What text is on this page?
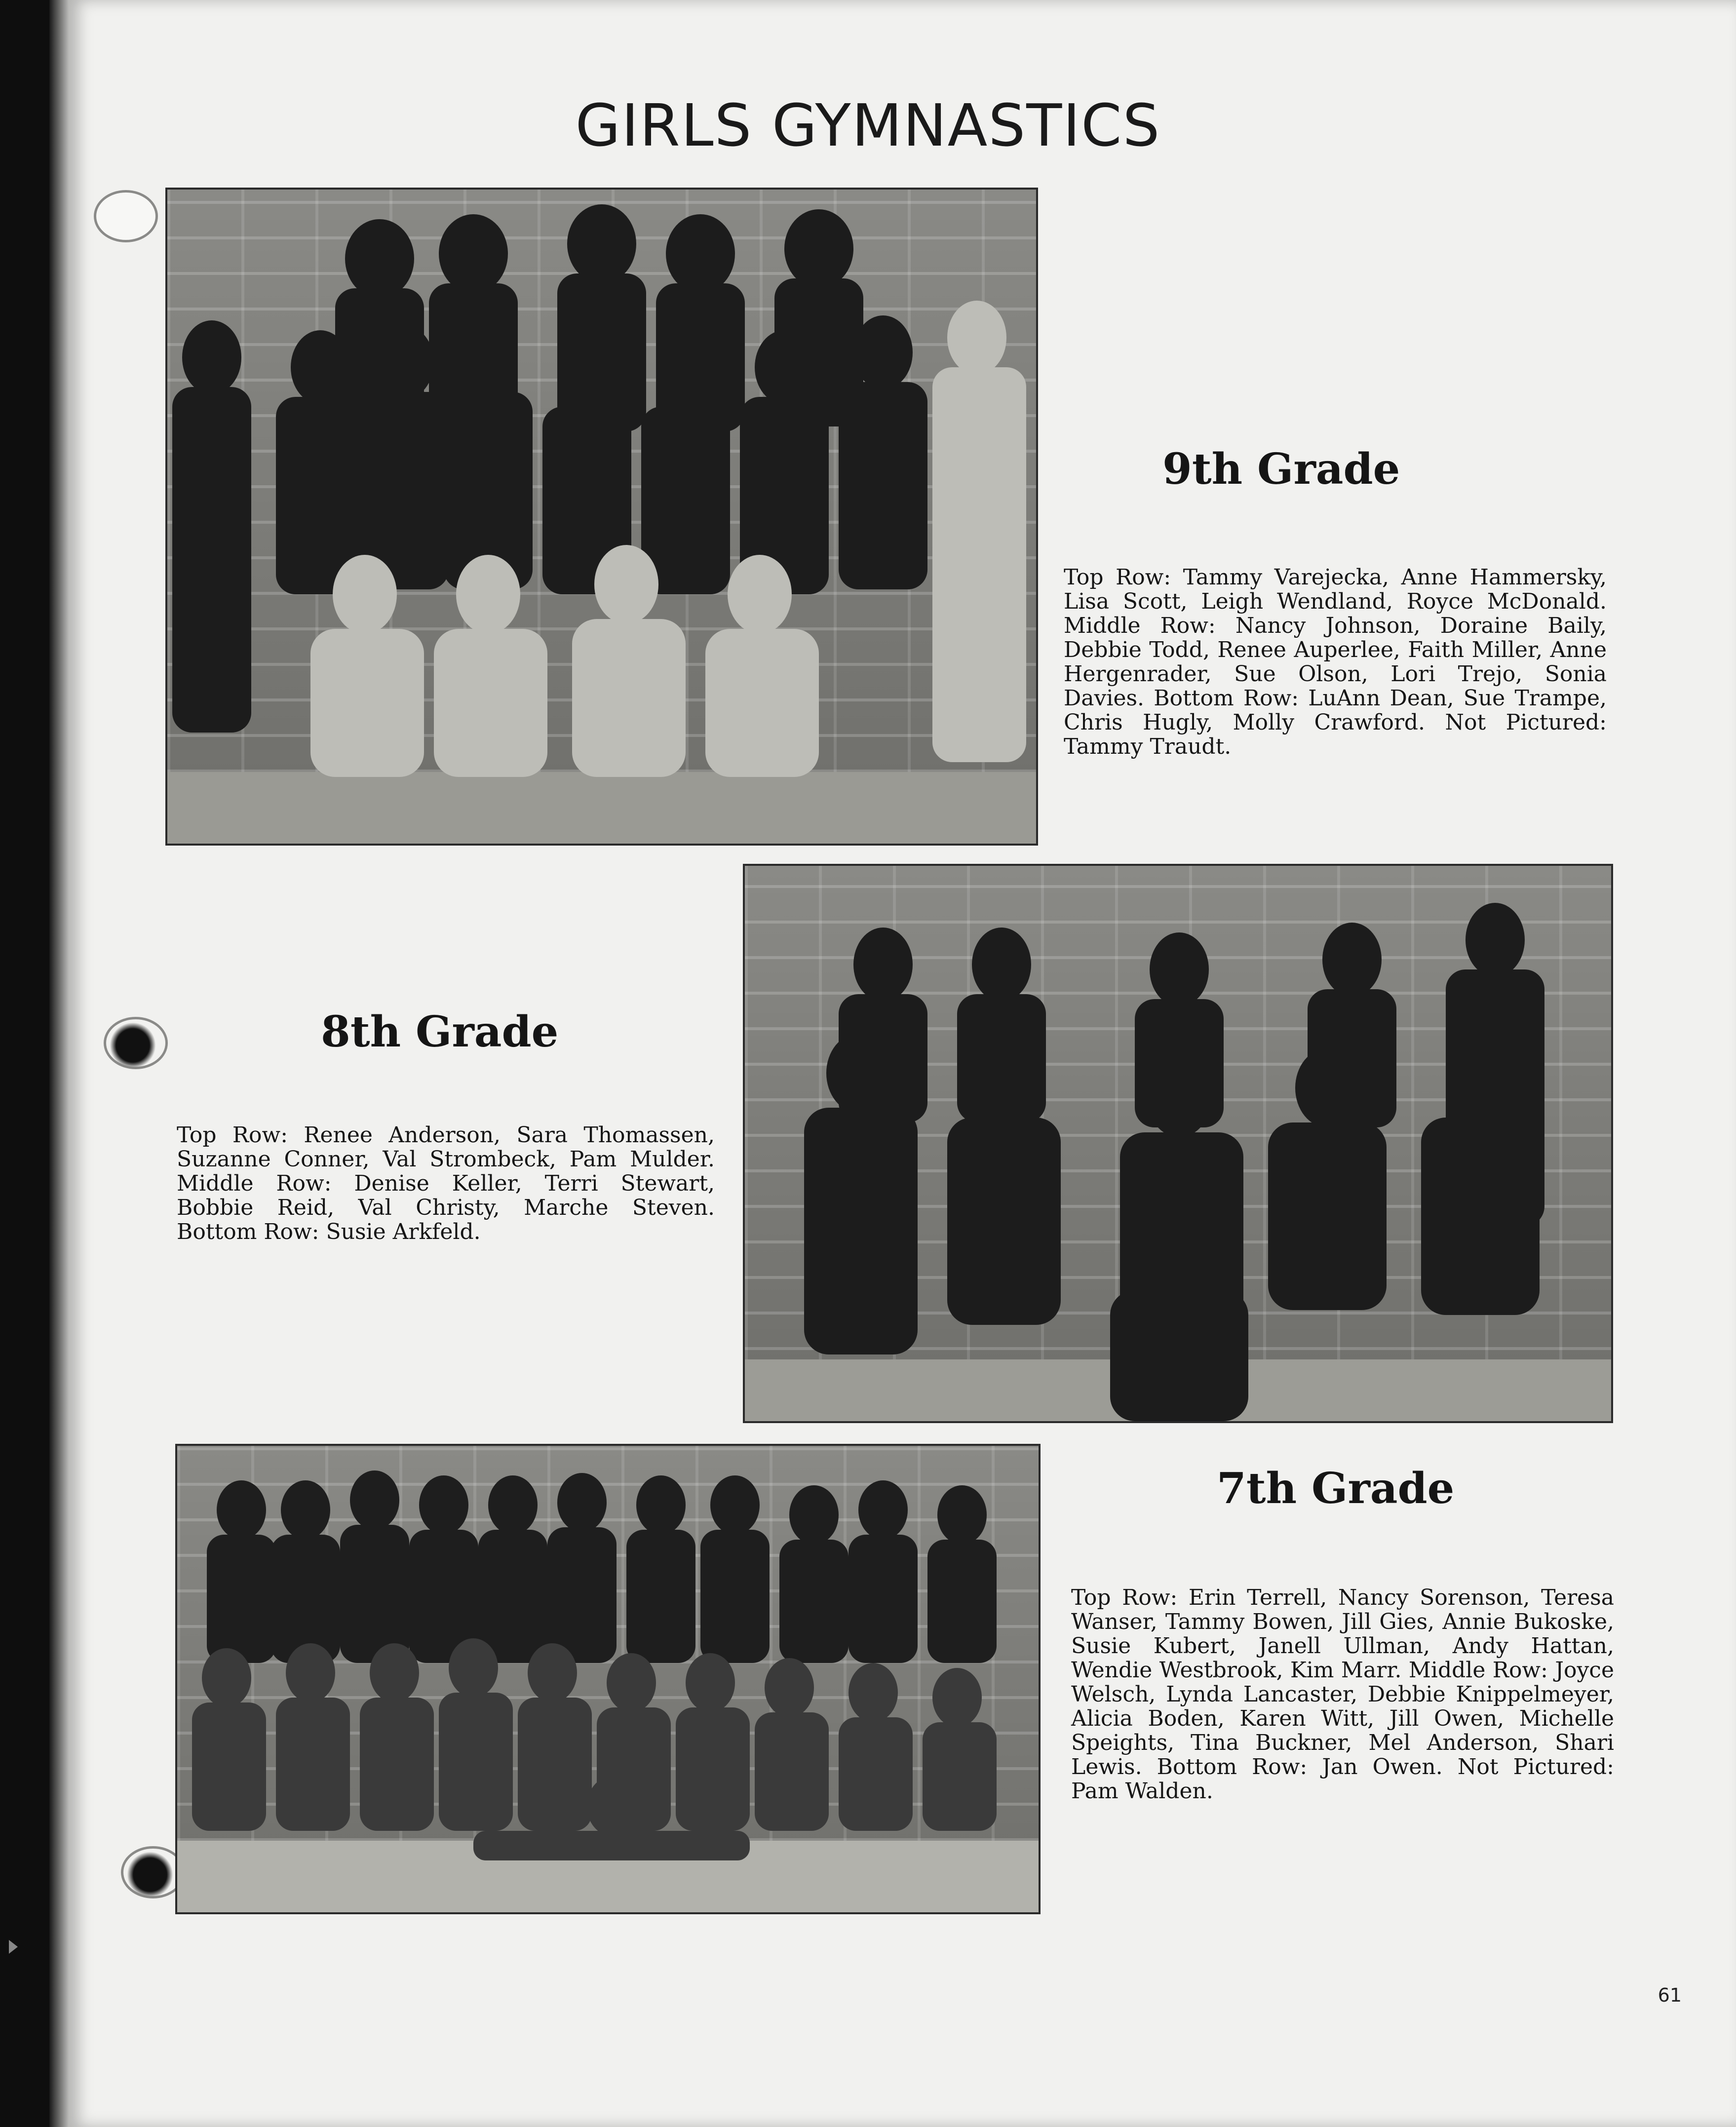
GIRLS GYMNASTICS
9th Grade
Top Row: Tammy Varejecka, Anne Hammersky, Lisa Scott, Leigh Wendland, Royce McDonald. Middle Row: Nancy Johnson, Doraine Baily, Debbie Todd, Renee Auperlee, Faith Miller, Anne Hergenrader, Sue Olson, Lori Trejo, Sonia Davies. Bottom Row: LuAnn Dean, Sue Trampe, Chris Hugly, Molly Crawford. Not Pictured: Tammy Traudt.
8th Grade
Top Row: Renee Anderson, Sara Thomassen, Suzanne Conner, Val Strombeck, Pam Mulder. Middle Row: Denise Keller, Terri Stewart, Bobbie Reid, Val Christy, Marche Steven. Bottom Row: Susie Arkfeld.
7th Grade
Top Row: Erin Terrell, Nancy Sorenson, Teresa Wanser, Tammy Bowen, Jill Gies, Annie Bukoske, Susie Kubert, Janell Ullman, Andy Hattan, Wendie Westbrook, Kim Marr. Middle Row: Joyce Welsch, Lynda Lancaster, Debbie Knippelmeyer, Alicia Boden, Karen Witt, Jill Owen, Michelle Speights, Tina Buckner, Mel Anderson, Shari Lewis. Bottom Row: Jan Owen. Not Pictured: Pam Walden.
61
